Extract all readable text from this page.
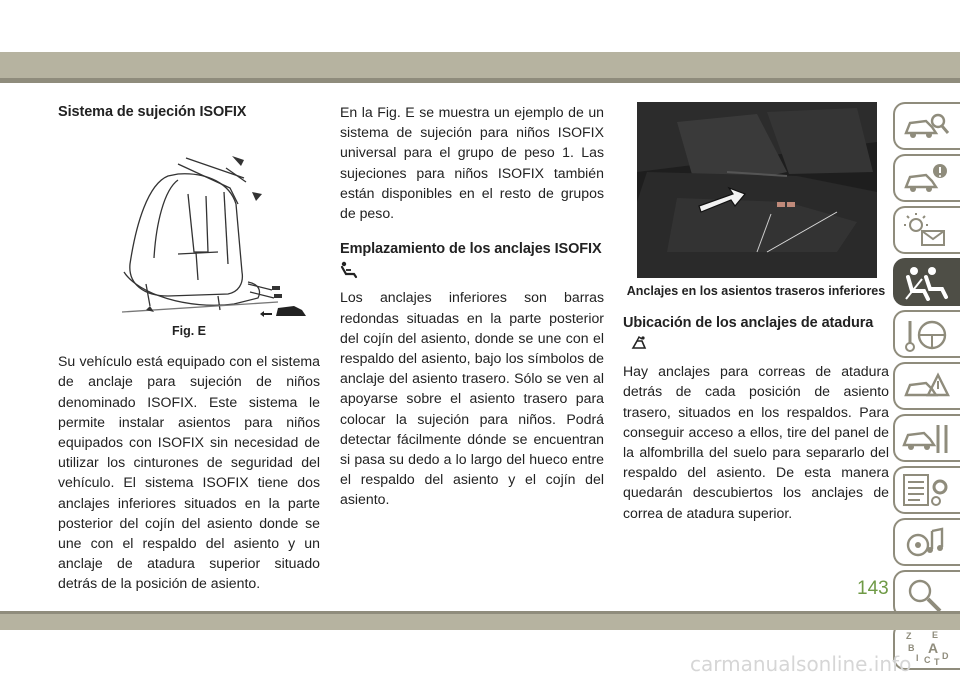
Sistema de sujeción ISOFIX
Fig. E

Su vehículo está equipado con el sistema de anclaje para sujeción de niños denominado ISOFIX. Este sistema le permite instalar asientos para niños equipados con ISOFIX sin necesidad de utilizar los cinturones de seguridad del vehículo. El sistema ISOFIX tiene dos anclajes inferiores situados en la parte posterior del cojín del asiento donde se une con el respaldo del asiento y un anclaje de atadura superior situado detrás de la posición de asiento.

En la Fig. E se muestra un ejemplo de un sistema de sujeción para niños ISOFIX universal para el grupo de peso 1. Las sujeciones para niños ISOFIX también están disponibles en el resto de grupos de peso.

Emplazamiento de los anclajes ISOFIX

Los anclajes inferiores son barras redondas situadas en la parte posterior del cojín del asiento, donde se une con el respaldo del asiento, bajo los símbolos de anclaje del asiento trasero. Sólo se ven al apoyarse sobre el asiento trasero para colocar la sujeción para niños. Podrá detectar fácilmente dónde se encuentran si pasa su dedo a lo largo del hueco entre el respaldo del asiento y el cojín del asiento.

Anclajes en los asientos traseros inferiores
Ubicación de los anclajes de atadura

Hay anclajes para correas de atadura detrás de cada posición de asiento trasero, situados en los respaldos. Para conseguir acceso a ellos, tire del panel de la alfombrilla del suelo para separarlo del respaldo del asiento. De esta manera quedarán descubiertos los anclajes de correa de atadura superior.

Z E
B A
I C D
T
143
carmanualsonline.info
